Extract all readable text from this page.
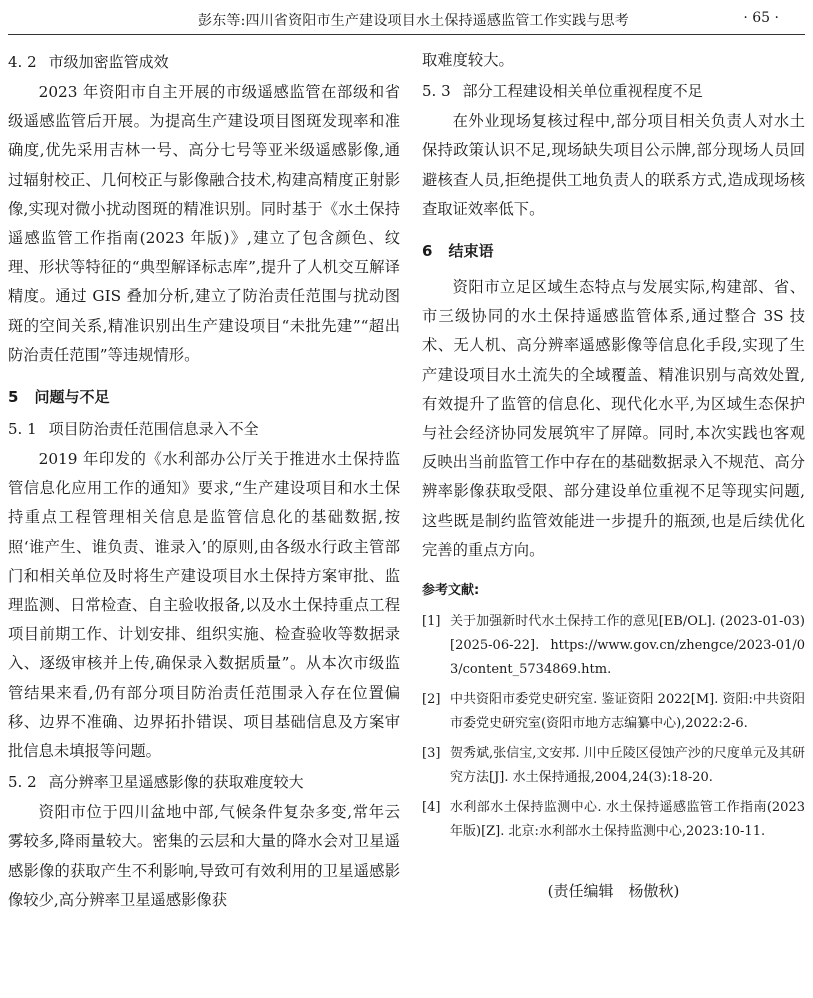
彭东等:四川省资阳市生产建设项目水土保持遥感监管工作实践与思考	· 65 ·

4. 2 市级加密监管成效

2023 年资阳市自主开展的市级遥感监管在部级和省级遥感监管后开展。为提高生产建设项目图斑发现率和准确度,优先采用吉林一号、高分七号等亚米级遥感影像,通过辐射校正、几何校正与影像融合技术,构建高精度正射影像,实现对微小扰动图斑的精准识别。同时基于《水土保持遥感监管工作指南(2023 年版)》,建立了包含颜色、纹理、形状等特征的“典型解译标志库”,提升了人机交互解译精度。通过 GIS 叠加分析,建立了防治责任范围与扰动图斑的空间关系,精准识别出生产建设项目“未批先建”“超出防治责任范围”等违规情形。

5 问题与不足

5. 1 项目防治责任范围信息录入不全

2019 年印发的《水利部办公厅关于推进水土保持监管信息化应用工作的通知》要求,“生产建设项目和水土保持重点工程管理相关信息是监管信息化的基础数据,按照‘谁产生、谁负责、谁录入’的原则,由各级水行政主管部门和相关单位及时将生产建设项目水土保持方案审批、监理监测、日常检查、自主验收报备,以及水土保持重点工程项目前期工作、计划安排、组织实施、检查验收等数据录入、逐级审核并上传,确保录入数据质量”。从本次市级监管结果来看,仍有部分项目防治责任范围录入存在位置偏移、边界不准确、边界拓扑错误、项目基础信息及方案审批信息未填报等问题。

5. 2 高分辨率卫星遥感影像的获取难度较大

资阳市位于四川盆地中部,气候条件复杂多变,常年云雾较多,降雨量较大。密集的云层和大量的降水会对卫星遥感影像的获取产生不利影响,导致可有效利用的卫星遥感影像较少,高分辨率卫星遥感影像获

取难度较大。

5. 3 部分工程建设相关单位重视程度不足

在外业现场复核过程中,部分项目相关负责人对水土保持政策认识不足,现场缺失项目公示牌,部分现场人员回避核查人员,拒绝提供工地负责人的联系方式,造成现场核查取证效率低下。

6 结束语

资阳市立足区域生态特点与发展实际,构建部、省、市三级协同的水土保持遥感监管体系,通过整合 3S 技术、无人机、高分辨率遥感影像等信息化手段,实现了生产建设项目水土流失的全域覆盖、精准识别与高效处置,有效提升了监管的信息化、现代化水平,为区域生态保护与社会经济协同发展筑牢了屏障。同时,本次实践也客观反映出当前监管工作中存在的基础数据录入不规范、高分辨率影像获取受限、部分建设单位重视不足等现实问题,这些既是制约监管效能进一步提升的瓶颈,也是后续优化完善的重点方向。

参考文献:

[1] 关于加强新时代水土保持工作的意见[EB/OL]. (2023-01-03) [2025-06-22]. https://www.gov.cn/zhengce/2023-01/03/content_5734869.htm.
[2] 中共资阳市委党史研究室. 鉴证资阳 2022[M]. 资阳:中共资阳市委党史研究室(资阳市地方志编纂中心),2022:2-6.
[3] 贺秀斌,张信宝,文安邦. 川中丘陵区侵蚀产沙的尺度单元及其研究方法[J]. 水土保持通报,2004,24(3):18-20.
[4] 水利部水土保持监测中心. 水土保持遥感监管工作指南(2023 年版)[Z]. 北京:水利部水土保持监测中心,2023:10-11.

(责任编辑　杨傲秋)
